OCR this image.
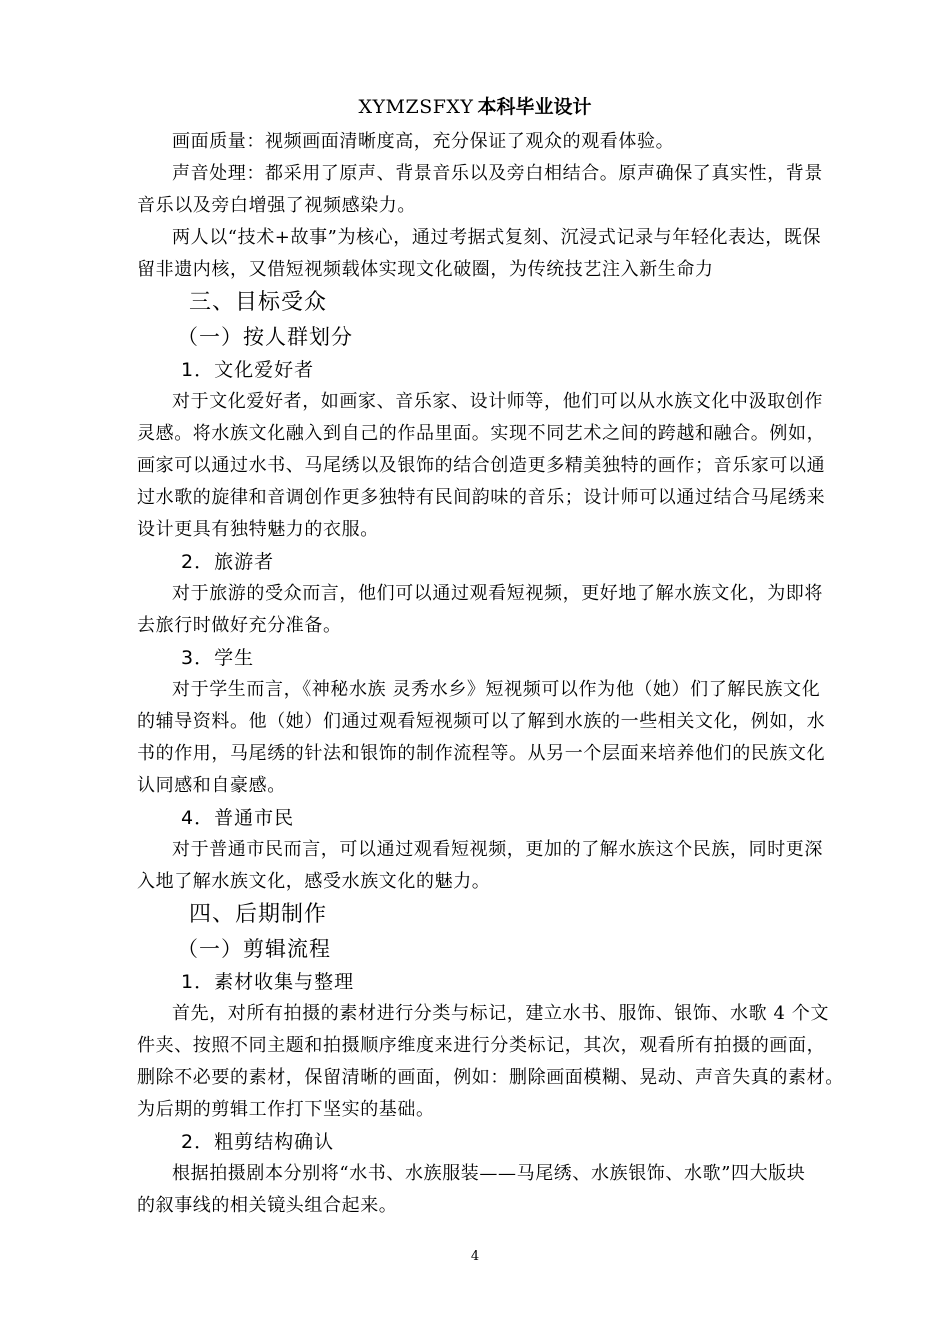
XYMZSFXY 本科毕业设计
画面质量：视频画面清晰度高，充分保证了观众的观看体验。
声音处理：都采用了原声、背景音乐以及旁白相结合。原声确保了真实性，背景
音乐以及旁白增强了视频感染力。
两人以“技术+故事”为核心，通过考据式复刻、沉浸式记录与年轻化表达，既保
留非遗内核，又借短视频载体实现文化破圈，为传统技艺注入新生命力
三、目标受众
（一）按人群划分
1．文化爱好者
对于文化爱好者，如画家、音乐家、设计师等，他们可以从水族文化中汲取创作
灵感。将水族文化融入到自己的作品里面。实现不同艺术之间的跨越和融合。例如，
画家可以通过水书、马尾绣以及银饰的结合创造更多精美独特的画作；音乐家可以通
过水歌的旋律和音调创作更多独特有民间韵味的音乐；设计师可以通过结合马尾绣来
设计更具有独特魅力的衣服。
2．旅游者
对于旅游的受众而言，他们可以通过观看短视频，更好地了解水族文化，为即将
去旅行时做好充分准备。
3．学生
对于学生而言，《神秘水族 灵秀水乡》短视频可以作为他（她）们了解民族文化
的辅导资料。他（她）们通过观看短视频可以了解到水族的一些相关文化，例如，水
书的作用，马尾绣的针法和银饰的制作流程等。从另一个层面来培养他们的民族文化
认同感和自豪感。
4．普通市民
对于普通市民而言，可以通过观看短视频，更加的了解水族这个民族，同时更深
入地了解水族文化，感受水族文化的魅力。
四、后期制作
（一）剪辑流程
1．素材收集与整理
首先，对所有拍摄的素材进行分类与标记，建立水书、服饰、银饰、水歌 4 个文
件夹、按照不同主题和拍摄顺序维度来进行分类标记，其次，观看所有拍摄的画面，
删除不必要的素材，保留清晰的画面，例如：删除画面模糊、晃动、声音失真的素材。
为后期的剪辑工作打下坚实的基础。
2．粗剪结构确认
根据拍摄剧本分别将“水书、水族服装——马尾绣、水族银饰、水歌”四大版块
的叙事线的相关镜头组合起来。
4
